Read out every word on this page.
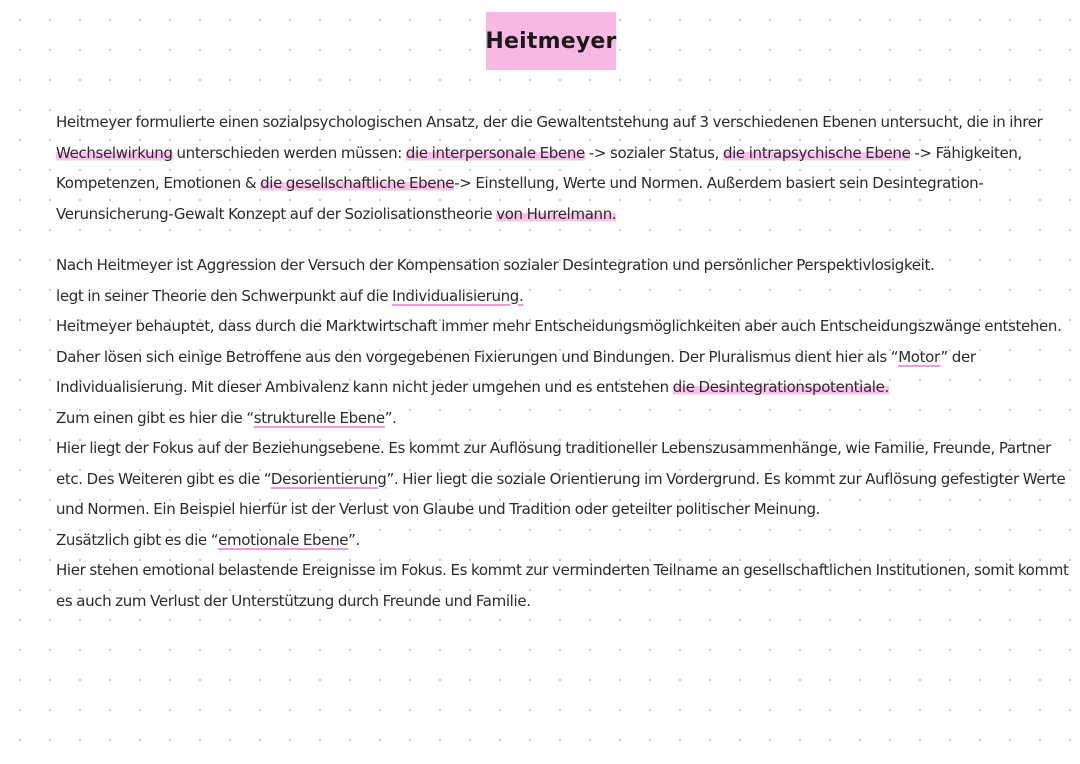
Heitmeyer
Heitmeyer formulierte einen sozialpsychologischen Ansatz, der die Gewaltentstehung auf 3 verschiedenen Ebenen untersucht, die in ihrer
Wechselwirkung unterschieden werden müssen: die interpersonale Ebene -> sozialer Status, die intrapsychische Ebene -> Fähigkeiten,
Kompetenzen, Emotionen & die gesellschaftliche Ebene-> Einstellung, Werte und Normen. Außerdem basiert sein Desintegration-
Verunsicherung-Gewalt Konzept auf der Soziolisationstheorie von Hurrelmann.
Nach Heitmeyer ist Aggression der Versuch der Kompensation sozialer Desintegration und persönlicher Perspektivlosigkeit.
legt in seiner Theorie den Schwerpunkt auf die Individualisierung.
Heitmeyer behauptet, dass durch die Marktwirtschaft immer mehr Entscheidungsmöglichkeiten aber auch Entscheidungszwänge entstehen.
Daher lösen sich einige Betroffene aus den vorgegebenen Fixierungen und Bindungen. Der Pluralismus dient hier als “Motor” der
Individualisierung. Mit dieser Ambivalenz kann nicht jeder umgehen und es entstehen die Desintegrationspotentiale.
Zum einen gibt es hier die “strukturelle Ebene”.
Hier liegt der Fokus auf der Beziehungsebene. Es kommt zur Auflösung traditioneller Lebenszusammenhänge, wie Familie, Freunde, Partner
etc. Des Weiteren gibt es die “Desorientierung”. Hier liegt die soziale Orientierung im Vordergrund. Es kommt zur Auflösung gefestigter Werte
und Normen. Ein Beispiel hierfür ist der Verlust von Glaube und Tradition oder geteilter politischer Meinung.
Zusätzlich gibt es die “emotionale Ebene”.
Hier stehen emotional belastende Ereignisse im Fokus. Es kommt zur verminderten Teilname an gesellschaftlichen Institutionen, somit kommt
es auch zum Verlust der Unterstützung durch Freunde und Familie.
